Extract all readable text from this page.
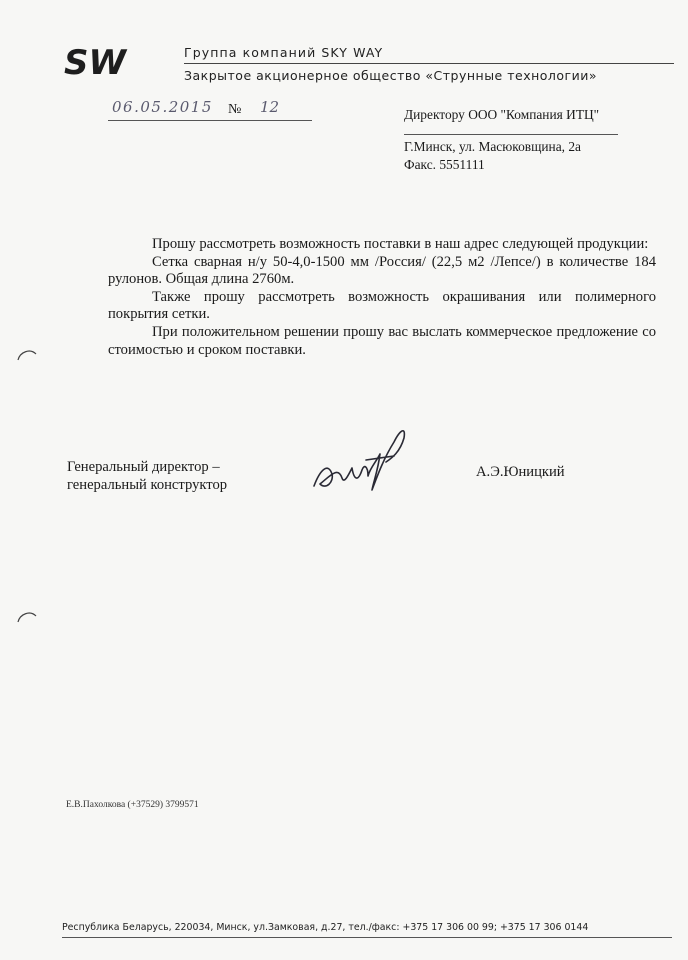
SW	Группа компаний SKY WAY
Закрытое акционерное общество «Струнные технологии»
06.05.2015 № 12	Директору ООО "Компания ИТЦ"
Г.Минск, ул. Масюковщина, 2а
Факс. 5551111

Прошу рассмотреть возможность поставки в наш адрес следующей продукции:

Сетка сварная н/у 50-4,0-1500 мм /Россия/ (22,5 м2 /Лепсе/) в количестве 184 рулонов. Общая длина 2760м.

Также прошу рассмотреть возможность окрашивания или полимерного покрытия сетки.

При положительном решении прошу вас выслать коммерческое предложение со стоимостью и сроком поставки.

Генеральный директор –
генеральный конструктор
А.Э.Юницкий
Е.В.Пахолкова (+37529) 3799571
Республика Беларусь, 220034, Минск, ул.Замковая, д.27, тел./факс: +375 17 306 00 99; +375 17 306 0144
